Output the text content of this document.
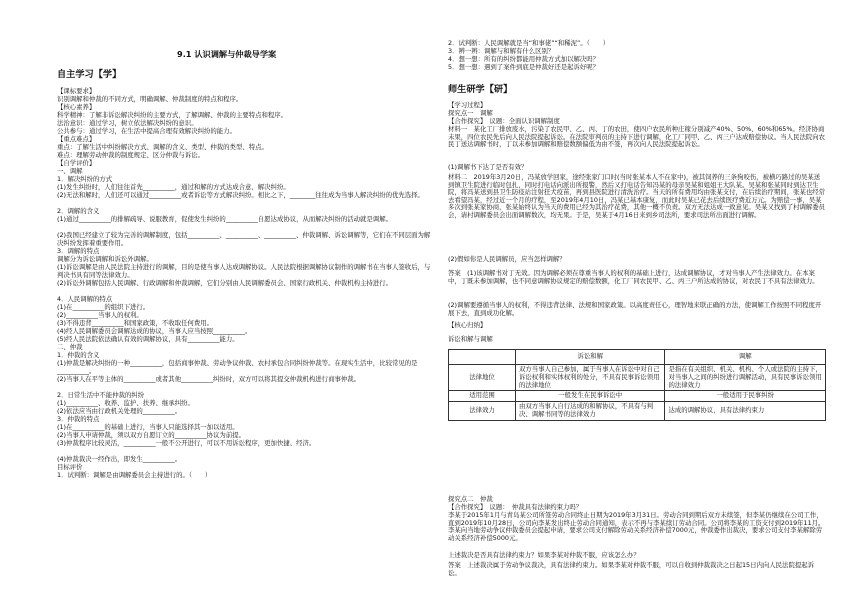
9.1 认识调解与仲裁导学案
自主学习【学】
【课标要求】
识别调解和仲裁的不同方式，明确调解、仲裁制度的特点和程序。
【核心素养】
科学精神：了解非诉讼解决纠纷的主要方式，了解调解、仲裁的主要特点和程序。
法治意识：通过学习，树立依法解决纠纷的意识。
公共参与：通过学习，在生活中提高合理有效解决纠纷的能力。
【重点难点】
重点：了解生活中纠纷解决方式、调解的含义、类型、仲裁的类型、特点。
难点：理解劳动仲裁的制度规定、区分仲裁与诉讼。
【自学评价】
一、调解
1．解决纠纷的方式
(1)发生纠纷时，人们往往首先__________，通过和解的方式达成合意、解决纠纷。
(2)无法和解时，人们还可以通过__________或者诉讼等方式解决纠纷。相比之下，________往往成为当事人解决纠纷的优先选择。
2．调解的含义
(1)通过__________的排解疏导、说服教育，促使发生纠纷的__________自愿达成协议，从而解决纠纷的活动就是调解。
(2)我国已经建立了较为完善的调解制度，包括__________、__________、__________、仲裁调解、诉讼调解等，它们在不同层面为解决纠纷发挥着重要作用。
3．调解的特点
调解分为诉讼调解和诉讼外调解。
(1)诉讼调解是由人民法院主持进行的调解，目的是使当事人达成调解协议。人民法院根据调解协议制作的调解书在当事人签收后，与判决书具有同等法律效力。
(2)诉讼外调解包括人民调解、行政调解和仲裁调解，它们分别由人民调解委员会、国家行政机关、仲裁机构主持进行。
4．人民调解的特点
(1)在__________的组织下进行。
(2)__________当事人的权利。
(3)不得违背__________和国家政策，不收取任何费用。
(4)经人民调解委员会调解达成的协议，当事人应当按照__________。
(5)经人民法院依法确认有效的调解协议，具有__________能力。
二、仲裁
1．仲裁的含义
(1)仲裁是解决纠纷的一种__________，包括商事仲裁、劳动争议仲裁、农村承包合同纠纷仲裁等。在现实生活中，比较常见的是__________。
(2)当事人在平等主体的__________或者其他__________纠纷时，双方可以将其提交仲裁机构进行商事仲裁。
2．日常生活中不能仲裁的纠纷
(1)__________、收养、监护、扶养、继承纠纷。
(2)依法应当由行政机关处理的__________。
3．仲裁的特点
(1)在__________的基础上进行，当事人只能选择其一加以适用。
(2)当事人申请仲裁，须以双方自愿订立的__________协议为前提。
(3)仲裁程序比较灵活，__________一般不公开进行，可以不用诉讼程序，更加快捷、经济。
(4)仲裁裁决一经作出，即发生__________。
目标评价
1．试判断：调解是由调解委员会主持进行的。（　　）
2．试判断：人民调解就是当“和事佬”“和稀泥”。（　　）
3．辨一辨：调解与和解有什么区别？
4．想一想：所有的纠纷都能用仲裁方式加以解决吗？
5．想一想：遇到了案件到底是仲裁好还是起诉好呢？
师生研学【研】
【学习过程】
探究点一　调解
【合作探究】　议题：全面认识调解制度
材料一　某化工厂排放废水，污染了农民甲、乙、丙、丁的农田，使四户农民所种庄稼分别减产40%、50%、60%和65%。经济协商未果，四位农民先后向人民法院提起诉讼。在法院审判员的主持下进行调解，化工厂同甲、乙、丙三户达成赔偿协议。当人民法院向农民丁送达调解书时，丁以未参加调解和赔偿数额偏低为由不签，再次向人民法院提起诉讼。
(1)调解书下达了是否有效？
材料二　2019年3月20日，冯某放学回家，途经张家门口时(当时张某本人不在家中)，被其饲养的三条狗咬伤，被横巧路过的吴某送到镇卫生院进行临时包扎，同时打电话向派出所报警，然后又打电话告知冯某的母亲吴某和姐姐王大队某。吴某和张某同时到达卫生院，将冯某送到县卫生防疫站注射狂犬疫苗，再到县医院进行清洗治疗。当天的所有费用均由张某支付，在后续治疗期间，张某也经常去看望冯某，经过近一个月的疗程，至2019年4月10日，冯某已基本康复，而此时吴某已花去后续医疗费近万元。为赔偿一事，吴某多次到张某家协商，张某始终认为当天的费用已经为其治疗花费，其他一概不负责。双方无法达成一致意见。吴某又找到了村调解委员会，请村调解委员会出面调解数次，均无果。于是，吴某于4月16日来到乡司法所，要求司法所出面进行调解。
(2)假如你是人民调解员，应当怎样调解？
答案　(1)该调解书对丁无效。因为调解必须在尊重当事人的权利的基础上进行，达成调解协议，才对当事人产生法律效力。在本案中，丁既未参加调解，也不同意调解协议规定的赔偿数额，化工厂同农民甲、乙、丙三户所达成的协议，对农民丁不具有法律效力。
(2)调解要遵循当事人的权利，不得违背法律、法规和国家政策。以高度责任心，理智地来联正确的方法，使调解工作按照不同程度开展下去，直到成功化解。
【核心归纳】
诉讼和解与调解
	诉讼和解	调解
法律地位	双方当事人自己参加，属于当事人在诉讼中对自己诉讼权利和实体权利的处分，不具有民事诉讼领用的法律地位	是指在有关组织、机关、机构、个人或法院的主持下，对当事人之间的纠纷进行调解活动，具有民事诉讼领用的法律效力
适用范围	一般发生在民事诉讼中	一般适用于民事纠纷
法律效力	由双方当事人自行达成的和解协议，不具有与判决、调解书同等的法律效力	达成的调解协议，具有法律约束力
探究点二　仲裁
【合作探究】　议题：　仲裁具有法律约束力吗？
李某于2015年1月与青岛某公司所签劳动合同终止日期为2019年3月31日。劳动合同到期后双方未续签，但李某仍继续在公司工作，直到2019年10月28日，公司向李某发出终止劳动合同通知，表示不再与李某续订劳动合同。公司将李某的工资支付到2019年11月。李某向当地劳动争议仲裁委员会提起申请，要求公司支付解除劳动关系经济补偿7000元，仲裁委作出裁决，要求公司支付李某解除劳动关系经济补偿5000元。
上述裁决是否具有法律约束力？如果李某对仲裁不服，应该怎么办？
答案　上述裁决属于劳动争议裁决，具有法律约束力。如果李某对仲裁不服，可以自收到仲裁裁决之日起15日内向人民法院提起诉讼。
